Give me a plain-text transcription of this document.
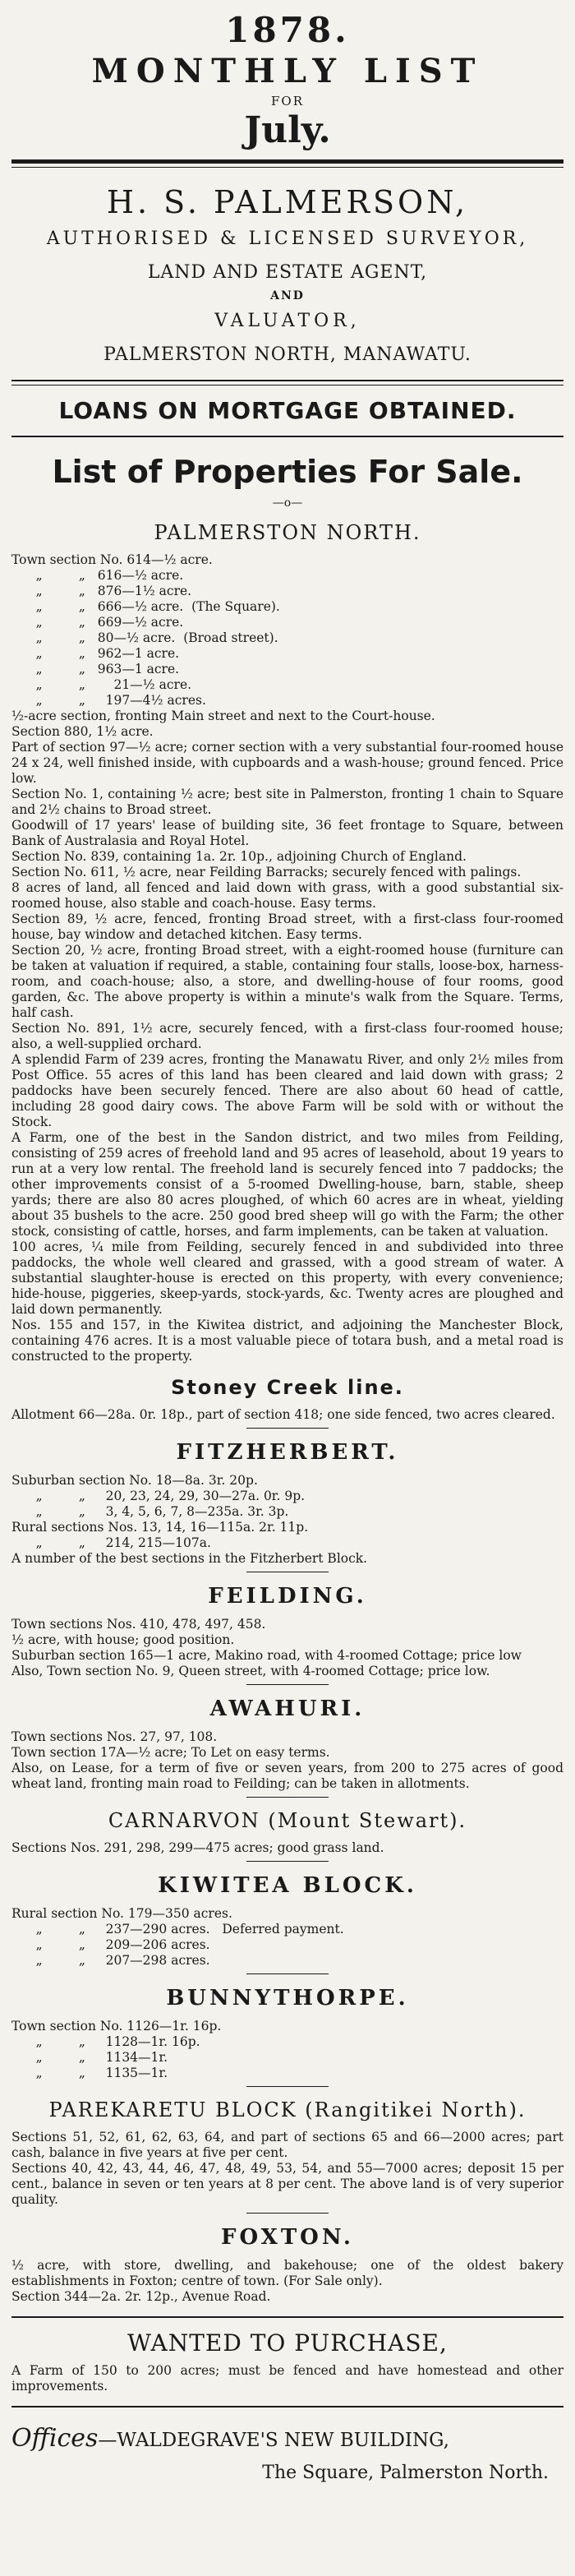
1878.
MONTHLY LIST
FOR
July.
H. S. PALMERSON,
AUTHORISED & LICENSED SURVEYOR,
LAND AND ESTATE AGENT,
AND
VALUATOR,
PALMERSTON NORTH, MANAWATU.
LOANS ON MORTGAGE OBTAINED.
List of Properties For Sale.
—o—
PALMERSTON NORTH.
Town section No. 614—½ acre.
„         „   616—½ acre.
„         „   876—1½ acre.
„         „   666—½ acre.  (The Square).
„         „   669—½ acre.
„         „   80—½ acre.  (Broad street).
„         „   962—1 acre.
„         „   963—1 acre.
„         „       21—½ acre.
„         „     197—4½ acres.

½-acre section, fronting Main street and next to the Court-house.

Section 880, 1½ acre.

Part of section 97—½ acre; corner section with a very substantial four-roomed house 24 x 24, well finished inside, with cupboards and a wash-house; ground fenced. Price low.

Section No. 1, containing ½ acre; best site in Palmerston, fronting 1 chain to Square and 2½ chains to Broad street.

Goodwill of 17 years' lease of building site, 36 feet frontage to Square, between Bank of Australasia and Royal Hotel.

Section No. 839, containing 1a. 2r. 10p., adjoining Church of England.

Section No. 611, ½ acre, near Feilding Barracks; securely fenced with palings.

8 acres of land, all fenced and laid down with grass, with a good substantial six-roomed house, also stable and coach-house. Easy terms.

Section 89, ½ acre, fenced, fronting Broad street, with a first-class four-roomed house, bay window and detached kitchen. Easy terms.

Section 20, ½ acre, fronting Broad street, with a eight-roomed house (furniture can be taken at valuation if required, a stable, containing four stalls, loose-box, harness-room, and coach-house; also, a store, and dwelling-house of four rooms, good garden, &c. The above property is within a minute's walk from the Square. Terms, half cash.

Section No. 891, 1½ acre, securely fenced, with a first-class four-roomed house; also, a well-supplied orchard.

A splendid Farm of 239 acres, fronting the Manawatu River, and only 2½ miles from Post Office. 55 acres of this land has been cleared and laid down with grass; 2 paddocks have been securely fenced. There are also about 60 head of cattle, including 28 good dairy cows. The above Farm will be sold with or without the Stock.

A Farm, one of the best in the Sandon district, and two miles from Feilding, consisting of 259 acres of freehold land and 95 acres of leasehold, about 19 years to run at a very low rental. The freehold land is securely fenced into 7 paddocks; the other improvements consist of a 5-roomed Dwelling-house, barn, stable, sheep yards; there are also 80 acres ploughed, of which 60 acres are in wheat, yielding about 35 bushels to the acre. 250 good bred sheep will go with the Farm; the other stock, consisting of cattle, horses, and farm implements, can be taken at valuation.

100 acres, ¼ mile from Feilding, securely fenced in and subdivided into three paddocks, the whole well cleared and grassed, with a good stream of water. A substantial slaughter-house is erected on this property, with every convenience; hide-house, piggeries, skeep-yards, stock-yards, &c. Twenty acres are ploughed and laid down permanently.

Nos. 155 and 157, in the Kiwitea district, and adjoining the Manchester Block, containing 476 acres. It is a most valuable piece of totara bush, and a metal road is constructed to the property.

Stoney Creek line.

Allotment 66—28a. 0r. 18p., part of section 418; one side fenced, two acres cleared.

FITZHERBERT.
Suburban section No. 18—8a. 3r. 20p.
„         „     20, 23, 24, 29, 30—27a. 0r. 9p.
„         „     3, 4, 5, 6, 7, 8—235a. 3r. 3p.
Rural sections Nos. 13, 14, 16—115a. 2r. 11p.
„         „     214, 215—107a.

A number of the best sections in the Fitzherbert Block.

FEILDING.

Town sections Nos. 410, 478, 497, 458.

½ acre, with house; good position.

Suburban section 165—1 acre, Makino road, with 4-roomed Cottage; price low

Also, Town section No. 9, Queen street, with 4-roomed Cottage; price low.

AWAHURI.

Town sections Nos. 27, 97, 108.

Town section 17A—½ acre; To Let on easy terms.

Also, on Lease, for a term of five or seven years, from 200 to 275 acres of good wheat land, fronting main road to Feilding; can be taken in allotments.

CARNARVON (Mount Stewart).

Sections Nos. 291, 298, 299—475 acres; good grass land.

KIWITEA BLOCK.
Rural section No. 179—350 acres.
„         „     237—290 acres.   Deferred payment.
„         „     209—206 acres.
„         „     207—298 acres.
BUNNYTHORPE.
Town section No. 1126—1r. 16p.
„         „     1128—1r. 16p.
„         „     1134—1r.
„         „     1135—1r.
PAREKARETU BLOCK (Rangitikei North).

Sections 51, 52, 61, 62, 63, 64, and part of sections 65 and 66—2000 acres; part cash, balance in five years at five per cent.

Sections 40, 42, 43, 44, 46, 47, 48, 49, 53, 54, and 55—7000 acres; deposit 15 per cent., balance in seven or ten years at 8 per cent. The above land is of very superior quality.

FOXTON.

½ acre, with store, dwelling, and bakehouse; one of the oldest bakery establishments in Foxton; centre of town. (For Sale only).

Section 344—2a. 2r. 12p., Avenue Road.

WANTED TO PURCHASE,

A Farm of 150 to 200 acres; must be fenced and have homestead and other improvements.

Offices—WALDEGRAVE'S NEW BUILDING,
The Square, Palmerston North.
